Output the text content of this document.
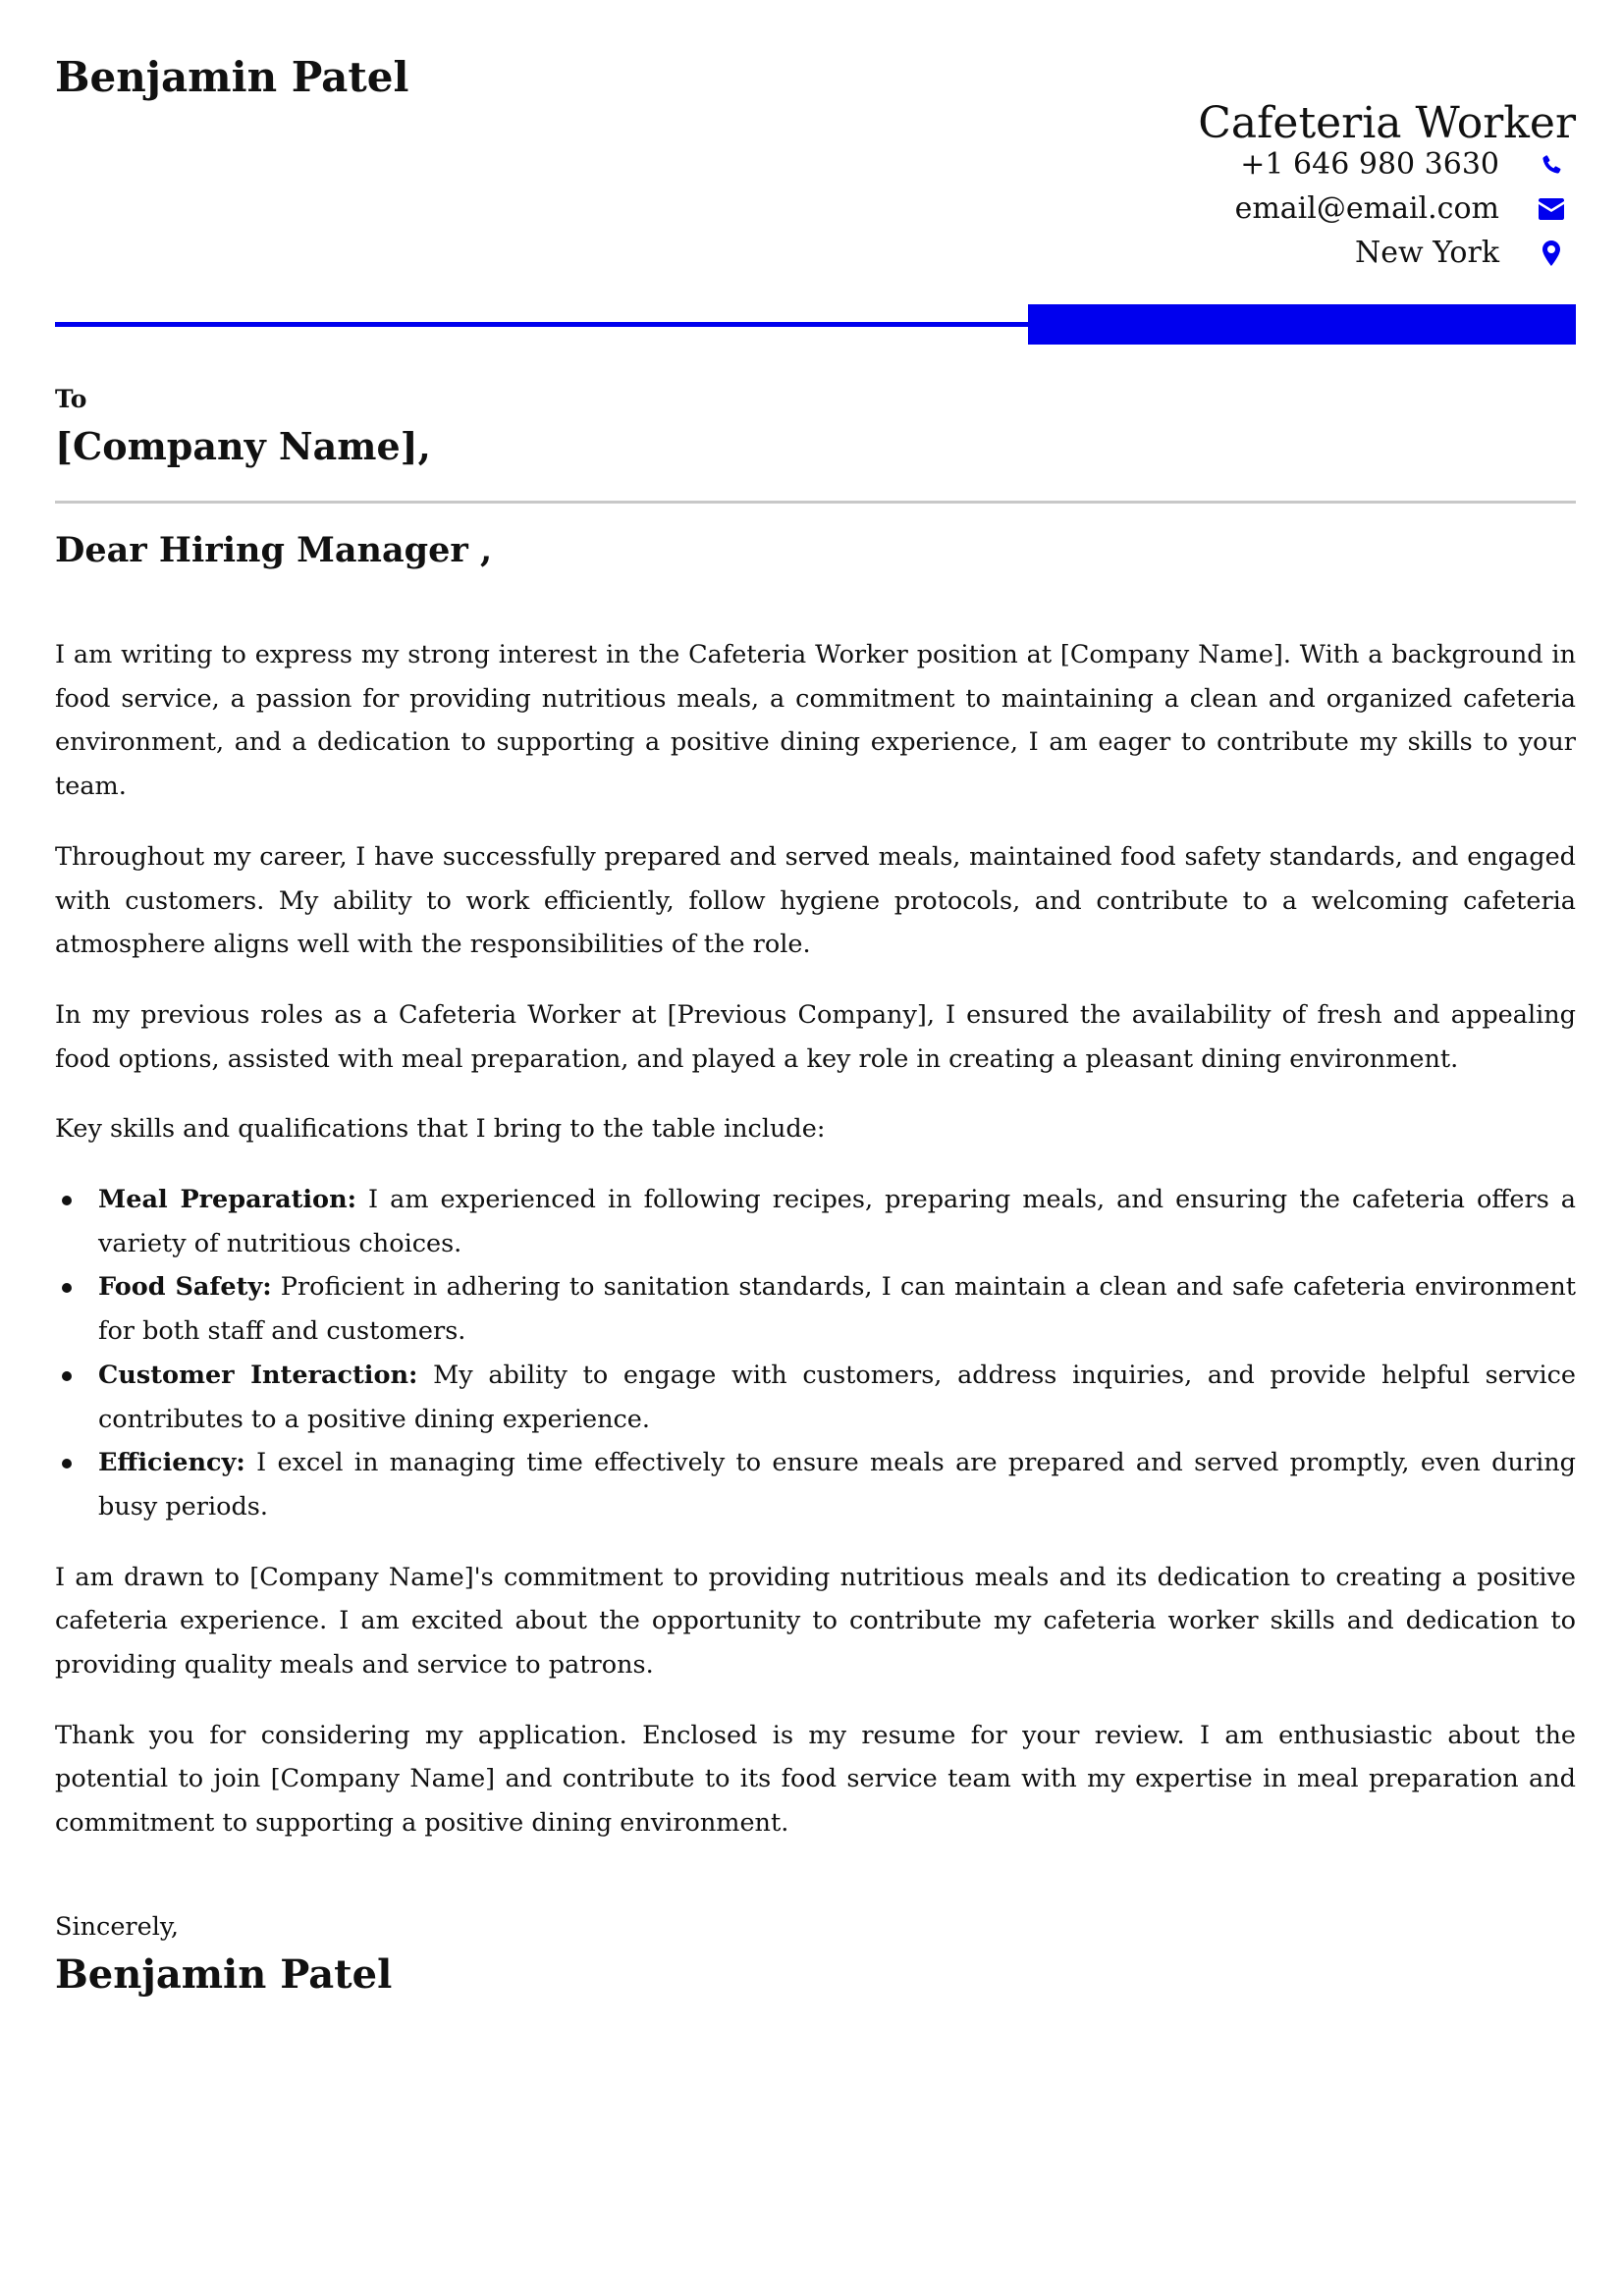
Benjamin Patel
Cafeteria Worker
+1 646 980 3630
email@email.com
New York
To
[Company Name],
Dear Hiring Manager ,

I am writing to express my strong interest in the Cafeteria Worker position at [Company Name]. With a background in food service, a passion for providing nutritious meals, a commitment to maintaining a clean and organized cafeteria environment, and a dedication to supporting a positive dining experience, I am eager to contribute my skills to your team.

Throughout my career, I have successfully prepared and served meals, maintained food safety standards, and engaged with customers. My ability to work efficiently, follow hygiene protocols, and contribute to a welcoming cafeteria atmosphere aligns well with the responsibilities of the role.

In my previous roles as a Cafeteria Worker at [Previous Company], I ensured the availability of fresh and appealing food options, assisted with meal preparation, and played a key role in creating a pleasant dining environment.

Key skills and qualifications that I bring to the table include:

Meal Preparation: I am experienced in following recipes, preparing meals, and ensuring the cafeteria offers a variety of nutritious choices.
Food Safety: Proficient in adhering to sanitation standards, I can maintain a clean and safe cafeteria environment for both staff and customers.
Customer Interaction: My ability to engage with customers, address inquiries, and provide helpful service contributes to a positive dining experience.
Efficiency: I excel in managing time effectively to ensure meals are prepared and served promptly, even during busy periods.

I am drawn to [Company Name]'s commitment to providing nutritious meals and its dedication to creating a positive cafeteria experience. I am excited about the opportunity to contribute my cafeteria worker skills and dedication to providing quality meals and service to patrons.

Thank you for considering my application. Enclosed is my resume for your review. I am enthusiastic about the potential to join [Company Name] and contribute to its food service team with my expertise in meal preparation and commitment to supporting a positive dining environment.

Sincerely,
Benjamin Patel
